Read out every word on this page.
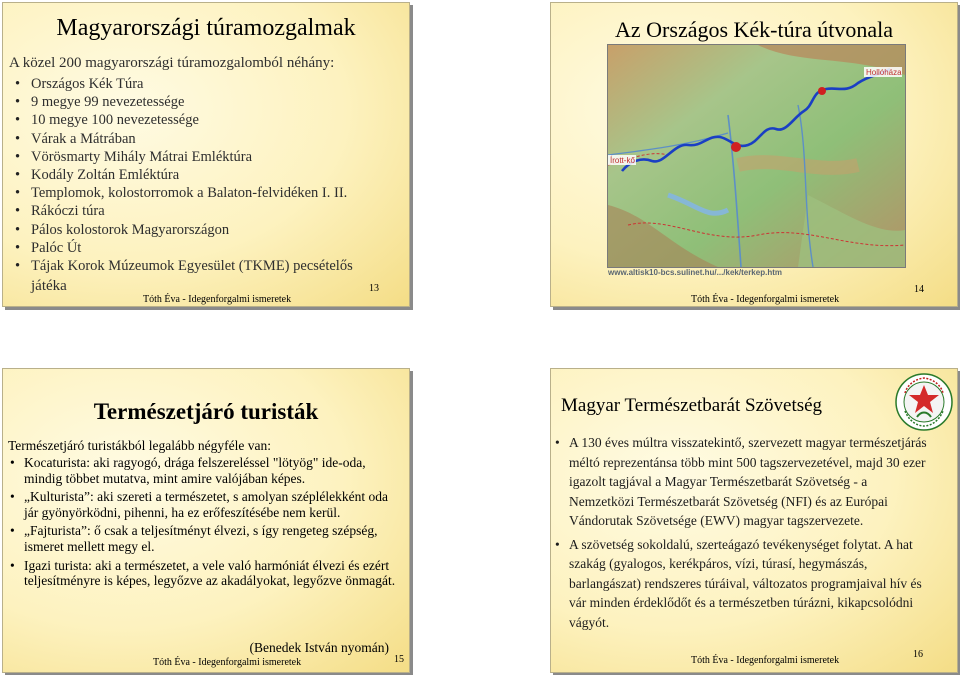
Magyarországi túramozgalmak
A közel 200 magyarországi túramozgalomból néhány:
• Országos Kék Túra
• 9 megye 99 nevezetessége
• 10 megye 100 nevezetessége
• Várak a Mátrában
• Vörösmarty Mihály Mátrai Emléktúra
• Kodály Zoltán Emléktúra
• Templomok, kolostorromok a Balaton-felvidéken I. II.
• Rákóczi túra
• Pálos kolostorok Magyarországon
• Palóc Út
• Tájak Korok Múzeumok Egyesület (TKME) pecsételős
játéka
Tóth Éva - Idegenforgalmi ismeretek
13
Az Országos Kék-túra útvonala
Írott-kő
Hollóháza
www.altisk10-bcs.sulinet.hu/.../kek/terkep.htm
Tóth Éva - Idegenforgalmi ismeretek
14
Természetjáró turisták
Természetjáró turistákból legalább négyféle van:
• Kocaturista: aki ragyogó, drága felszereléssel "lötyög" ide-oda, mindig többet mutatva, mint amire valójában képes.
• „Kulturista”: aki szereti a természetet, s amolyan széplélekként oda jár gyönyörködni, pihenni, ha ez erőfeszítésébe nem kerül.
• „Fajturista”: ő csak a teljesítményt élvezi, s így rengeteg szépség, ismeret mellett megy el.
• Igazi turista: aki a természetet, a vele való harmóniát élvezi és ezért teljesítményre is képes, legyőzve az akadályokat, legyőzve önmagát.
(Benedek István nyomán)
Tóth Éva - Idegenforgalmi ismeretek	15
Magyar Természetbarát Szövetség
• A 130 éves múltra visszatekintő, szervezett magyar természetjárás méltó reprezentánsa több mint 500 tagszervezetével, majd 30 ezer igazolt tagjával a Magyar Természetbarát Szövetség - a Nemzetközi Természetbarát Szövetség (NFI) és az Európai Vándorutak Szövetsége (EWV) magyar tagszervezete.
• A szövetség sokoldalú, szerteágazó tevékenységet folytat. A hat szakág (gyalogos, kerékpáros, vízi, túrasí, hegymászás, barlangászat) rendszeres túráival, változatos programjaival hív és vár minden érdeklődőt és a természetben túrázni, kikapcsolódni vágyót.
Tóth Éva - Idegenforgalmi ismeretek
16
